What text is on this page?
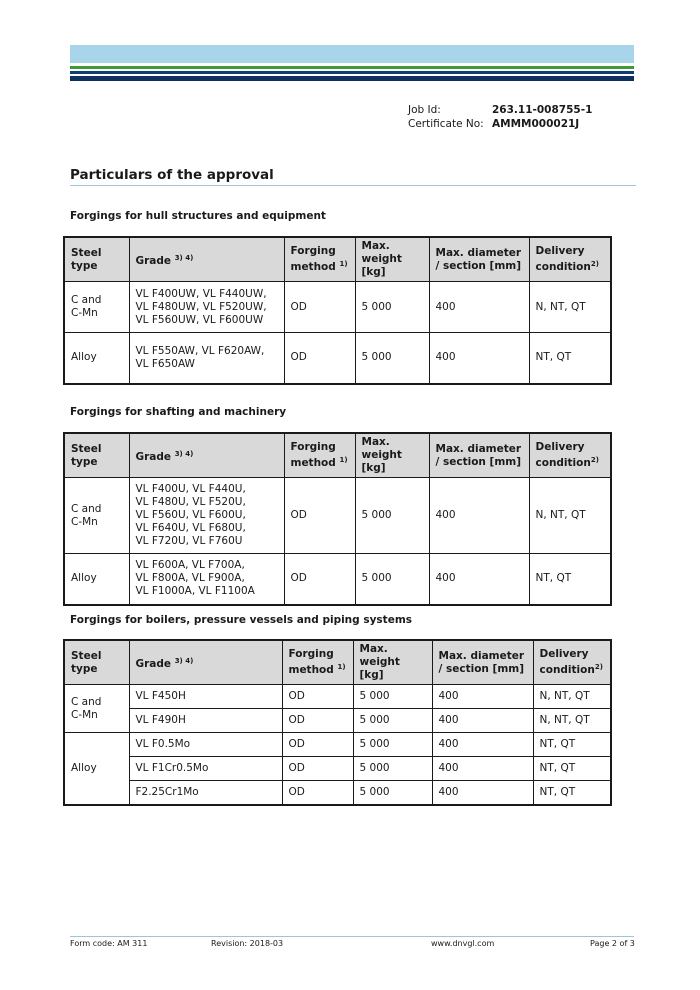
Job Id:	263.11-008755-1
Certificate No: AMMM000021J
Particulars of the approval
Forgings for hull structures and equipment
Steel type	Grade $^{3) 4)}$	Forging method $^{1)}$	Max. weight [kg]	Max. diameter / section [mm]	Delivery condition$^{2)}$
C and
C-Mn	VL F400UW, VL F440UW,
VL F480UW, VL F520UW,
VL F560UW, VL F600UW	OD	5 000	400	N, NT, QT
Alloy	VL F550AW, VL F620AW,
VL F650AW	OD	5 000	400	NT, QT
Forgings for shafting and machinery
Steel type	Grade $^{3) 4)}$	Forging method $^{1)}$	Max. weight [kg]	Max. diameter / section [mm]	Delivery condition$^{2)}$
C and
C-Mn	VL F400U, VL F440U,
VL F480U, VL F520U,
VL F560U, VL F600U,
VL F640U, VL F680U,
VL F720U, VL F760U	OD	5 000	400	N, NT, QT
Alloy	VL F600A, VL F700A,
VL F800A, VL F900A,
VL F1000A, VL F1100A	OD	5 000	400	NT, QT
Forgings for boilers, pressure vessels and piping systems
Steel type	Grade $^{3) 4)}$	Forging method $^{1)}$	Max. weight [kg]	Max. diameter / section [mm]	Delivery condition$^{2)}$
C and
C-Mn	VL F450H	OD	5 000	400	N, NT, QT
	VL F490H	OD	5 000	400	N, NT, QT
Alloy	VL F0.5Mo	OD	5 000	400	NT, QT
	VL F1Cr0.5Mo	OD	5 000	400	NT, QT
	F2.25Cr1Mo	OD	5 000	400	NT, QT
Form code: AM 311	Revision: 2018-03	www.dnvgl.com	Page 2 of 3
